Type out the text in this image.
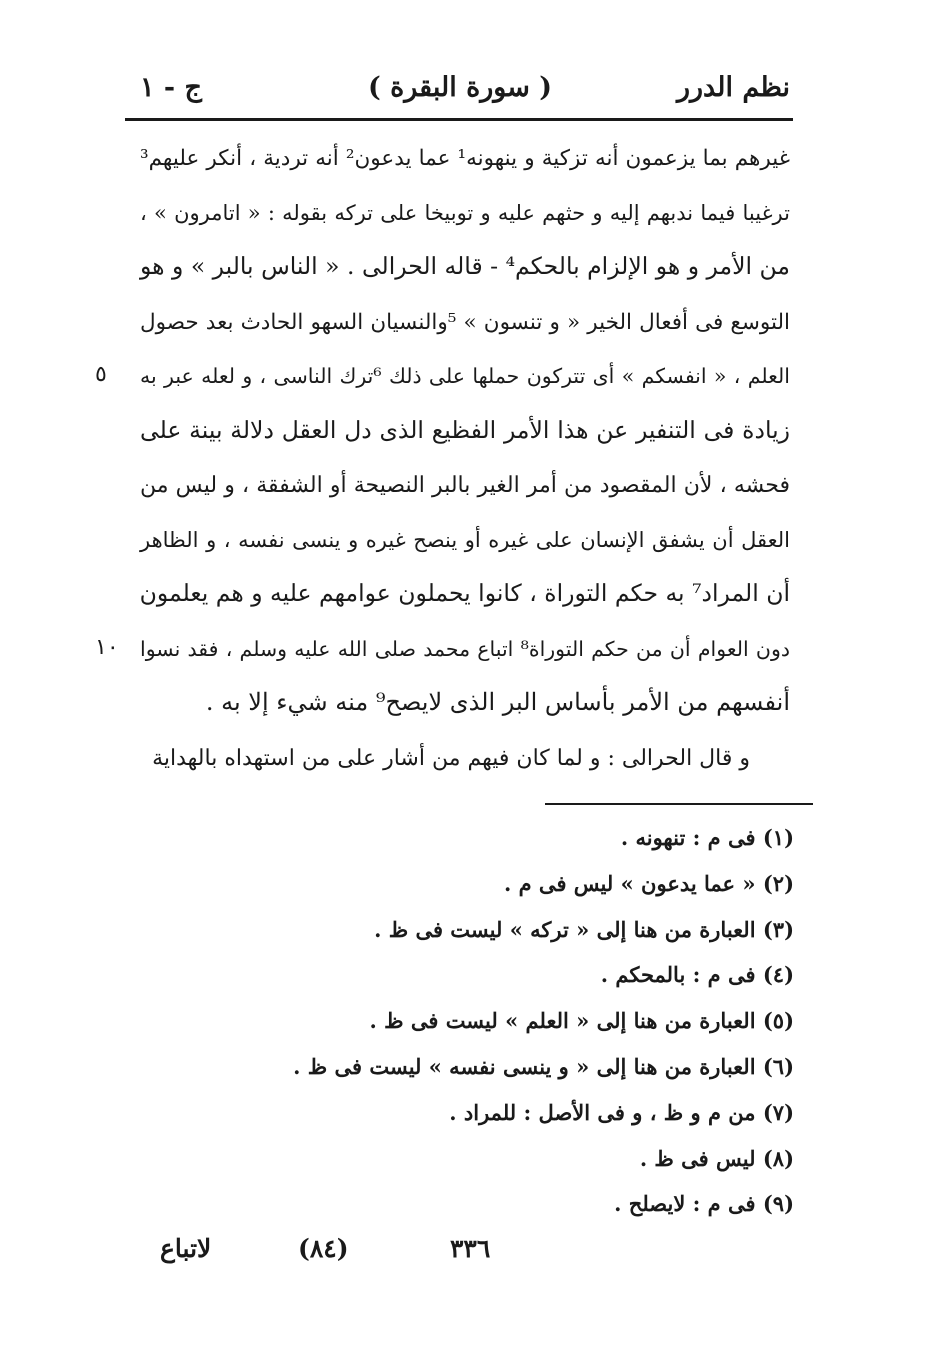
نظم الدرر
( سورة البقرة )
ج - ١
غيرهم بما يزعمون أنه تزكية و ينهونه¹ عما يدعون² أنه تردية ، أنكر عليهم³
ترغيبا فيما ندبهم إليه و حثهم عليه و توبيخا على تركه بقوله : « اتامرون » ،
من الأمر و هو الإلزام بالحكم⁴ - قاله الحرالى . « الناس بالبر » و هو
التوسع فى أفعال الخير « و تنسون » ⁵والنسيان السهو الحادث بعد حصول
العلم ، « انفسكم » أى تتركون حملها على ذلك ⁶ترك الناسى ، و لعله عبر به
٥
زيادة فى التنفير عن هذا الأمر الفظيع الذى دل العقل دلالة بينة على
فحشه ، لأن المقصود من أمر الغير بالبر النصيحة أو الشفقة ، و ليس من
العقل أن يشفق الإنسان على غيره أو ينصح غيره و ينسى نفسه ، و الظاهر
أن المراد⁷ به حكم التوراة ، كانوا يحملون عوامهم عليه و هم يعلمون
دون العوام أن من حكم التوراة⁸ اتباع محمد صلى الله عليه وسلم ، فقد نسوا
١٠
أنفسهم من الأمر بأساس البر الذى لايصح⁹ منه شيء إلا به .
و قال الحرالى : و لما كان فيهم من أشار على من استهداه بالهداية
(١) فى م : تنهونه .
(٢) « عما يدعون » ليس فى م .
(٣) العبارة من هنا إلى « تركه » ليست فى ظ .
(٤) فى م : بالمحكم .
(٥) العبارة من هنا إلى « العلم » ليست فى ظ .
(٦) العبارة من هنا إلى « و ينسى نفسه » ليست فى ظ .
(٧) من م و ظ ، و فى الأصل : للمراد .
(٨) ليس فى ظ .
(٩) فى م : لايصلح .
٣٣٦
(٨٤)
لاتباع
